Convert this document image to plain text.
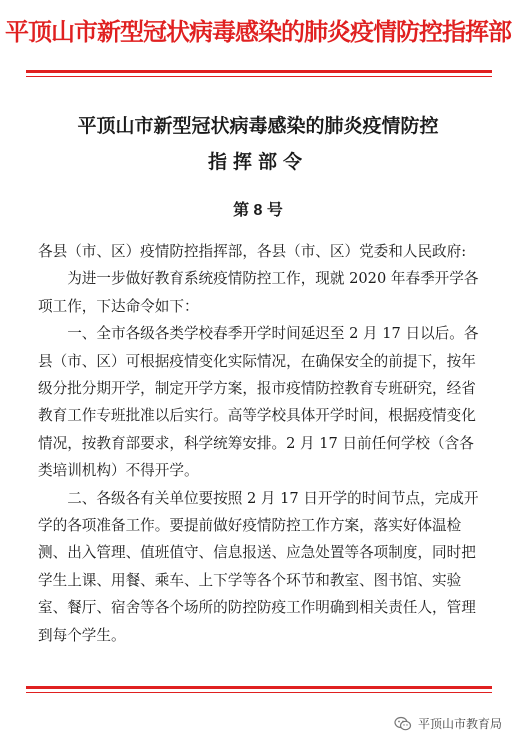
平顶山市新型冠状病毒感染的肺炎疫情防控指挥部
平顶山市新型冠状病毒感染的肺炎疫情防控
指挥部令
第 8 号

各县（市、区）疫情防控指挥部，各县（市、区）党委和人民政府:

为进一步做好教育系统疫情防控工作，现就 2020 年春季开学各项工作，下达命令如下：

一、全市各级各类学校春季开学时间延迟至 2 月 17 日以后。各县（市、区）可根据疫情变化实际情况，在确保安全的前提下，按年级分批分期开学，制定开学方案，报市疫情防控教育专班研究，经省教育工作专班批准以后实行。高等学校具体开学时间，根据疫情变化情况，按教育部要求，科学统筹安排。2 月 17 日前任何学校（含各类培训机构）不得开学。

二、各级各有关单位要按照 2 月 17 日开学的时间节点，完成开学的各项准备工作。要提前做好疫情防控工作方案，落实好体温检测、出入管理、值班值守、信息报送、应急处置等各项制度，同时把学生上课、用餐、乘车、上下学等各个环节和教室、图书馆、实验室、餐厅、宿舍等各个场所的防控防疫工作明确到相关责任人，管理到每个学生。

平顶山市教育局
